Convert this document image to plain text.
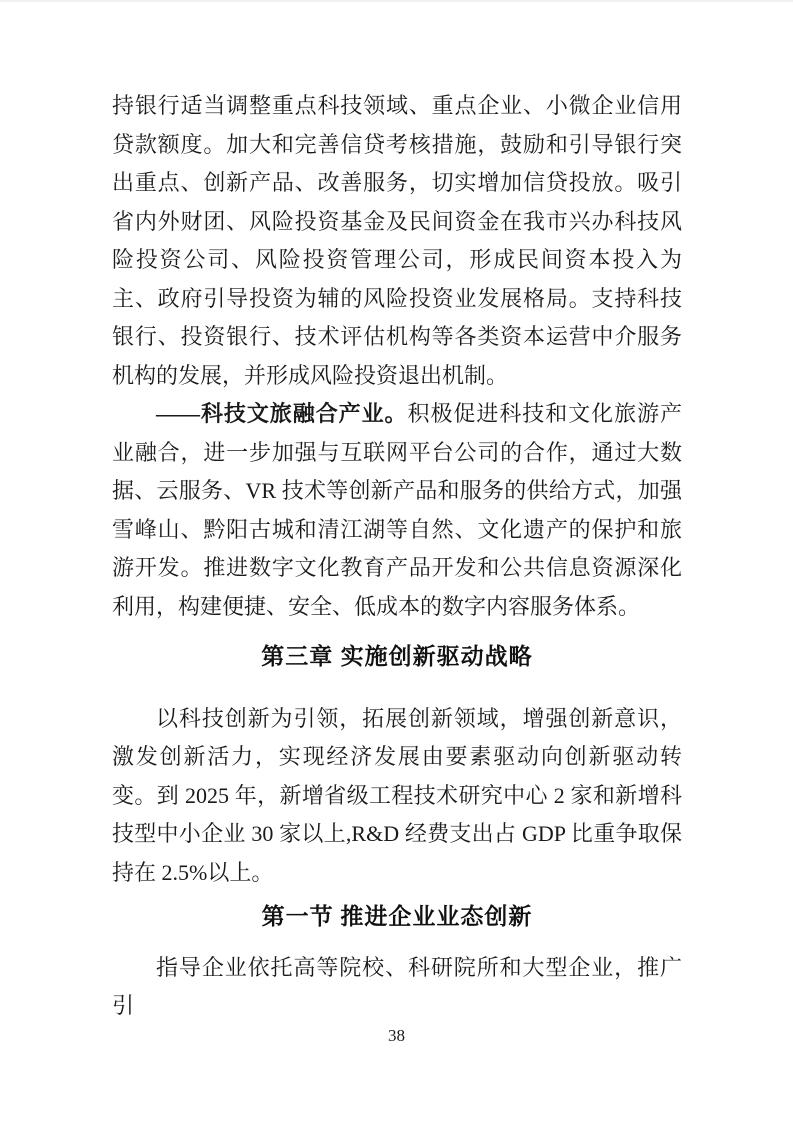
持银行适当调整重点科技领域、重点企业、小微企业信用贷款额度。加大和完善信贷考核措施，鼓励和引导银行突出重点、创新产品、改善服务，切实增加信贷投放。吸引省内外财团、风险投资基金及民间资金在我市兴办科技风险投资公司、风险投资管理公司，形成民间资本投入为主、政府引导投资为辅的风险投资业发展格局。支持科技银行、投资银行、技术评估机构等各类资本运营中介服务机构的发展，并形成风险投资退出机制。

——科技文旅融合产业。积极促进科技和文化旅游产业融合，进一步加强与互联网平台公司的合作，通过大数据、云服务、VR 技术等创新产品和服务的供给方式，加强雪峰山、黔阳古城和清江湖等自然、文化遗产的保护和旅游开发。推进数字文化教育产品开发和公共信息资源深化利用，构建便捷、安全、低成本的数字内容服务体系。

第三章 实施创新驱动战略

以科技创新为引领，拓展创新领域，增强创新意识，激发创新活力，实现经济发展由要素驱动向创新驱动转变。到 2025 年，新增省级工程技术研究中心 2 家和新增科技型中小企业 30 家以上,R&D 经费支出占 GDP 比重争取保持在 2.5%以上。

第一节 推进企业业态创新

指导企业依托高等院校、科研院所和大型企业，推广引

38
